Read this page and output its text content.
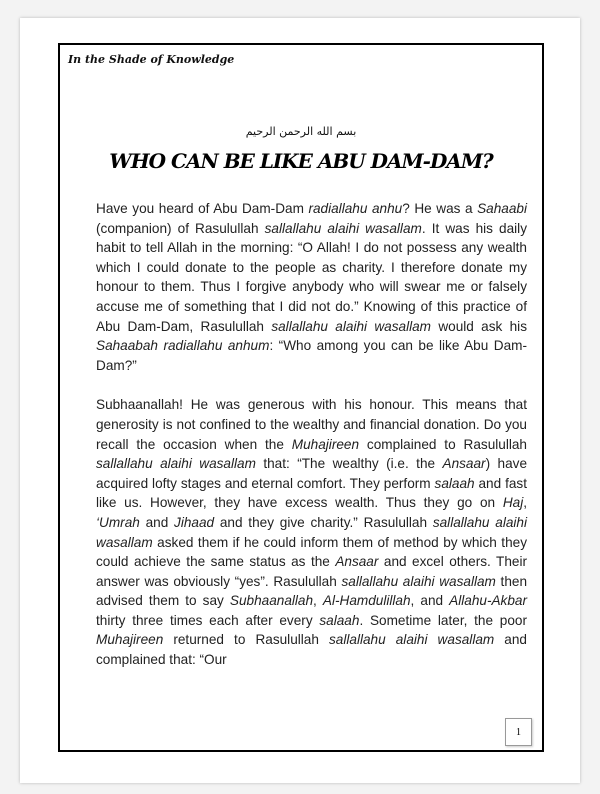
In the Shade of Knowledge
بسم الله الرحمن الرحيم
WHO CAN BE LIKE ABU DAM-DAM?

Have you heard of Abu Dam-Dam radiallahu anhu? He was a Sahaabi (companion) of Rasulullah sallallahu alaihi wasallam. It was his daily habit to tell Allah in the morning: “O Allah! I do not possess any wealth which I could donate to the people as charity. I therefore donate my honour to them. Thus I forgive anybody who will swear me or falsely accuse me of something that I did not do.” Knowing of this practice of Abu Dam-Dam, Rasulullah sallallahu alaihi wasallam would ask his Sahaabah radiallahu anhum: “Who among you can be like Abu Dam-Dam?”

Subhaanallah! He was generous with his honour. This means that generosity is not confined to the wealthy and financial donation. Do you recall the occasion when the Muhajireen complained to Rasulullah sallallahu alaihi wasallam that: “The wealthy (i.e. the Ansaar) have acquired lofty stages and eternal comfort. They perform salaah and fast like us. However, they have excess wealth. Thus they go on Haj, ‘Umrah and Jihaad and they give charity.” Rasulullah sallallahu alaihi wasallam asked them if he could inform them of method by which they could achieve the same status as the Ansaar and excel others. Their answer was obviously “yes”. Rasulullah sallallahu alaihi wasallam then advised them to say Subhaanallah, Al-Hamdulillah, and Allahu-Akbar thirty three times each after every salaah. Sometime later, the poor Muhajireen returned to Rasulullah sallallahu alaihi wasallam and complained that: “Our

1
